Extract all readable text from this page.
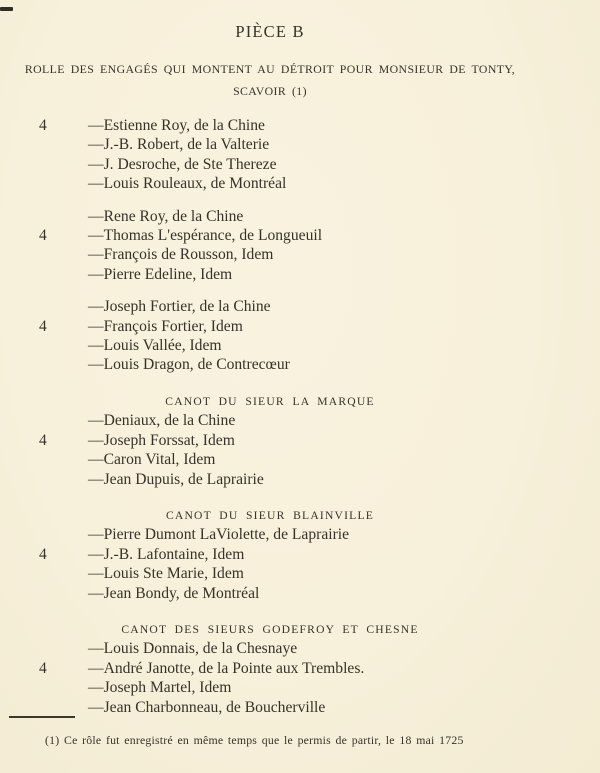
PIÈCE B
ROLLE DES ENGAGÉS QUI MONTENT AU DÉTROIT POUR MONSIEUR DE TONTY,
SCAVOIR (1)
4	—Estienne Roy, de la Chine
—J.-B. Robert, de la Valterie
—J. Desroche, de Ste Thereze
—Louis Rouleaux, de Montréal
—Rene Roy, de la Chine
4	—Thomas L'espérance, de Longueuil
—François de Rousson, Idem
—Pierre Edeline, Idem
—Joseph Fortier, de la Chine
4	—François Fortier, Idem
—Louis Vallée, Idem
—Louis Dragon, de Contrecœur
CANOT DU SIEUR LA MARQUE
—Deniaux, de la Chine
4	—Joseph Forssat, Idem
—Caron Vital, Idem
—Jean Dupuis, de Laprairie
CANOT DU SIEUR BLAINVILLE
—Pierre Dumont LaViolette, de Laprairie
4	—J.-B. Lafontaine, Idem
—Louis Ste Marie, Idem
—Jean Bondy, de Montréal
CANOT DES SIEURS GODEFROY ET CHESNE
—Louis Donnais, de la Chesnaye
4	—André Janotte, de la Pointe aux Trembles.
—Joseph Martel, Idem
—Jean Charbonneau, de Boucherville
(1) Ce rôle fut enregistré en même temps que le permis de partir, le 18 mai 1725
